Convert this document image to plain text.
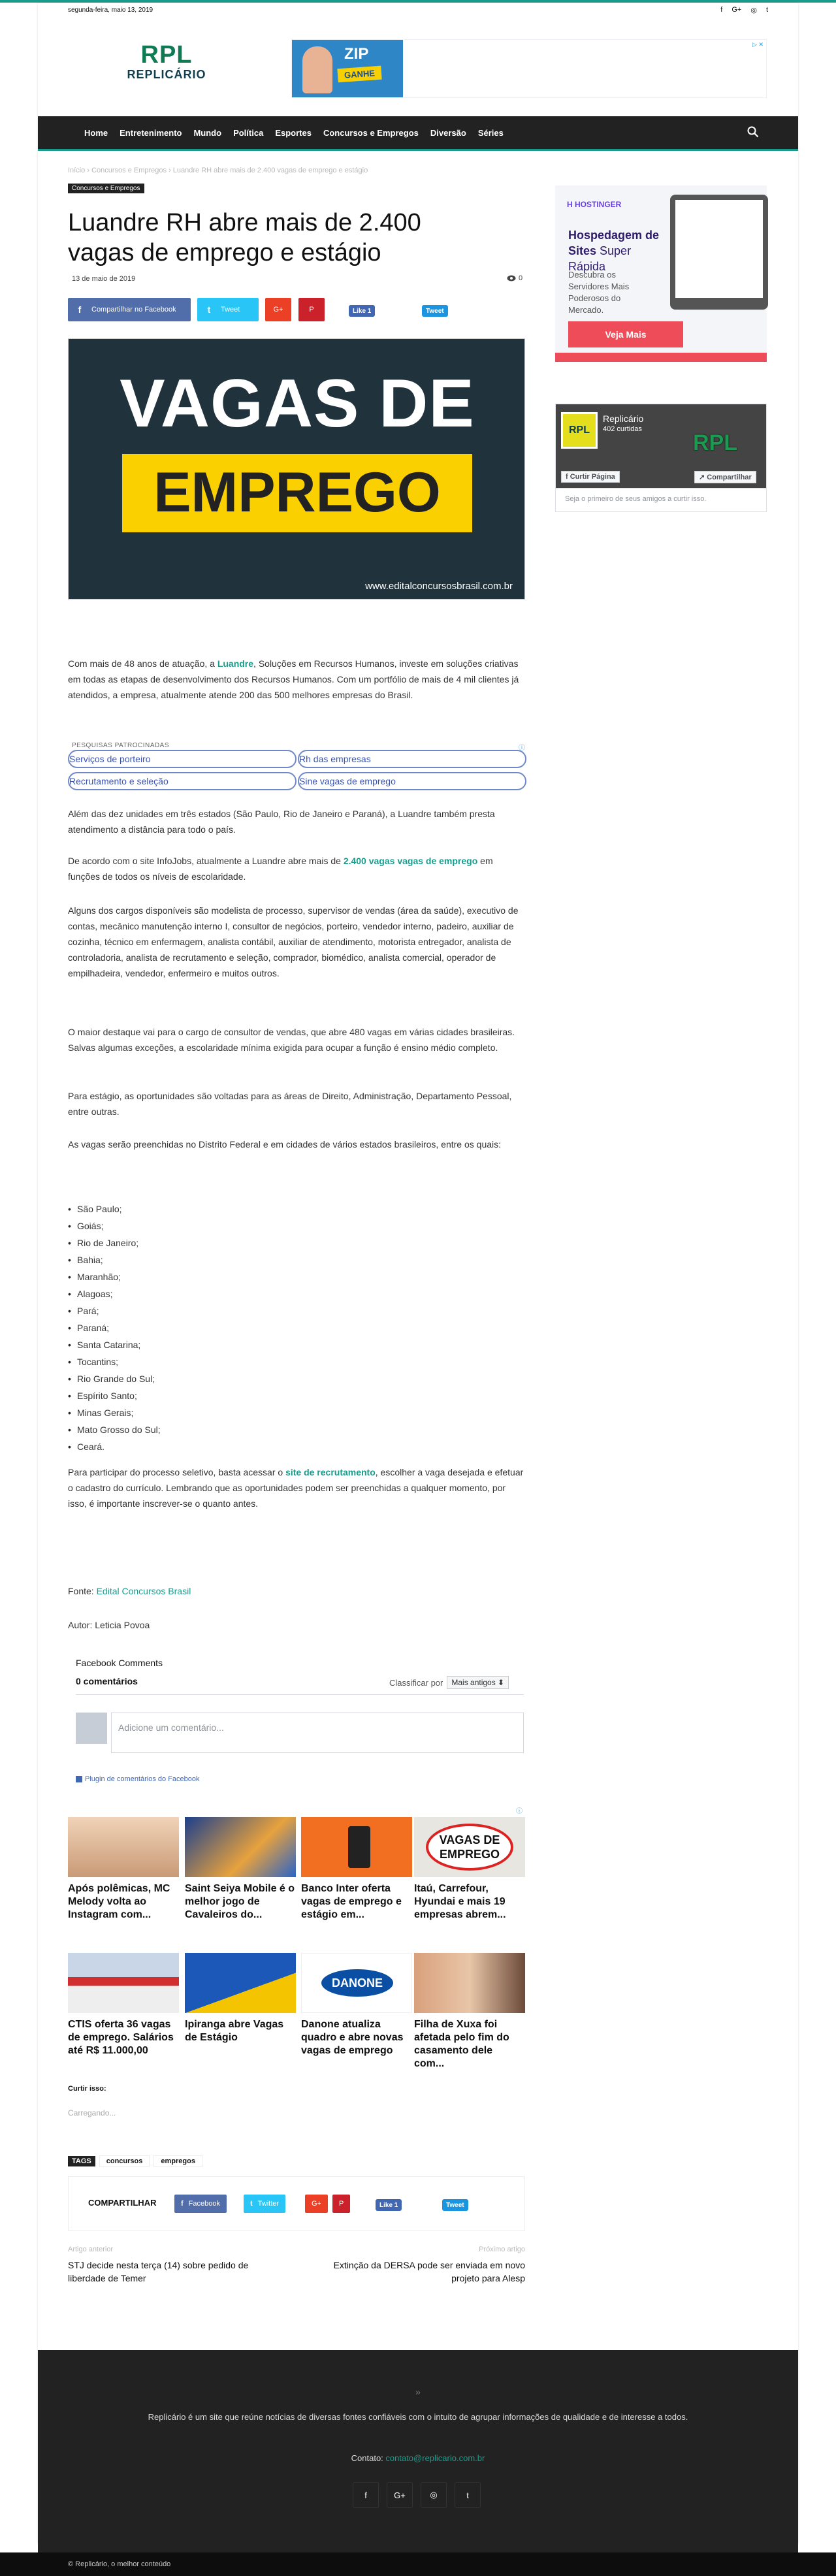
segunda-feira, maio 13, 2019	f G+ ◎ t
RPL
REPLICÁRIO
ZIP
GANHE
▷ ✕
Home	Entretenimento	Mundo	Política	Esportes	Concursos e Empregos	Diversão	Séries
Início › Concursos e Empregos › Luandre RH abre mais de 2.400 vagas de emprego e estágio
Concursos e Empregos
Luandre RH abre mais de 2.400 vagas de emprego e estágio
13 de maio de 2019	0
f	Compartilhar no Facebook	t	Tweet	G+	P	Like 1	Tweet
VAGAS DE
EMPREGO
www.editalconcursosbrasil.com.br

Com mais de 48 anos de atuação, a Luandre, Soluções em Recursos Humanos, investe em soluções criativas em todas as etapas de desenvolvimento dos Recursos Humanos. Com um portfólio de mais de 4 mil clientes já atendidos, a empresa, atualmente atende 200 das 500 melhores empresas do Brasil.

PESQUISAS PATROCINADAS	ⓘ
Serviços de porteiro	Rh das empresas
Recrutamento e seleção	Sine vagas de emprego

Além das dez unidades em três estados (São Paulo, Rio de Janeiro e Paraná), a Luandre também presta atendimento a distância para todo o país.

De acordo com o site InfoJobs, atualmente a Luandre abre mais de 2.400 vagas vagas de emprego em funções de todos os níveis de escolaridade.

Alguns dos cargos disponíveis são modelista de processo, supervisor de vendas (área da saúde), executivo de contas, mecânico manutenção interno I, consultor de negócios, porteiro, vendedor interno, padeiro, auxiliar de cozinha, técnico em enfermagem, analista contábil, auxiliar de atendimento, motorista entregador, analista de controladoria, analista de recrutamento e seleção, comprador, biomédico, analista comercial, operador de empilhadeira, vendedor, enfermeiro e muitos outros.

O maior destaque vai para o cargo de consultor de vendas, que abre 480 vagas em várias cidades brasileiras. Salvas algumas exceções, a escolaridade mínima exigida para ocupar a função é ensino médio completo.

Para estágio, as oportunidades são voltadas para as áreas de Direito, Administração, Departamento Pessoal, entre outras.

As vagas serão preenchidas no Distrito Federal e em cidades de vários estados brasileiros, entre os quais:

• São Paulo;
• Goiás;
• Rio de Janeiro;
• Bahia;
• Maranhão;
• Alagoas;
• Pará;
• Paraná;
• Santa Catarina;
• Tocantins;
• Rio Grande do Sul;
• Espírito Santo;
• Minas Gerais;
• Mato Grosso do Sul;
• Ceará.

Para participar do processo seletivo, basta acessar o site de recrutamento, escolher a vaga desejada e efetuar o cadastro do currículo. Lembrando que as oportunidades podem ser preenchidas a qualquer momento, por isso, é importante inscrever-se o quanto antes.

Fonte: Edital Concursos Brasil

Autor: Leticia Povoa

Facebook Comments
0 comentários	Classificar por	Mais antigos ⬍
Adicione um comentário...
Plugin de comentários do Facebook
ⓘ
Após polêmicas, MC Melody volta ao Instagram com...
Saint Seiya Mobile é o melhor jogo de Cavaleiros do...
Banco Inter oferta vagas de emprego e estágio em...
VAGAS DE EMPREGO
Itaú, Carrefour, Hyundai e mais 19 empresas abrem...
CTIS oferta 36 vagas de emprego. Salários até R$ 11.000,00
Ipiranga abre Vagas de Estágio
DANONE
Danone atualiza quadro e abre novas vagas de emprego
Filha de Xuxa foi afetada pelo fim do casamento dele com...
Curtir isso:
Carregando...
TAGS	concursos	empregos
COMPARTILHAR	f Facebook	t Twitter	G+ P	Like 1	Tweet
Artigo anterior
STJ decide nesta terça (14) sobre pedido de liberdade de Temer
Próximo artigo
Extinção da DERSA pode ser enviada em novo projeto para Alesp
H HOSTINGER
Hospedagem de Sites Super Rápida
Descubra os Servidores Mais Poderosos do Mercado.
Veja Mais
RPL
Replicário
402 curtidas
RPL
f Curtir Página	↗ Compartilhar
Seja o primeiro de seus amigos a curtir isso.
»
Replicário é um site que reúne notícias de diversas fontes confiáveis com o intuito de agrupar informações de qualidade e de interesse a todos.
Contato: contato@replicario.com.br
f	G+	◎	t
© Replicário, o melhor conteúdo
